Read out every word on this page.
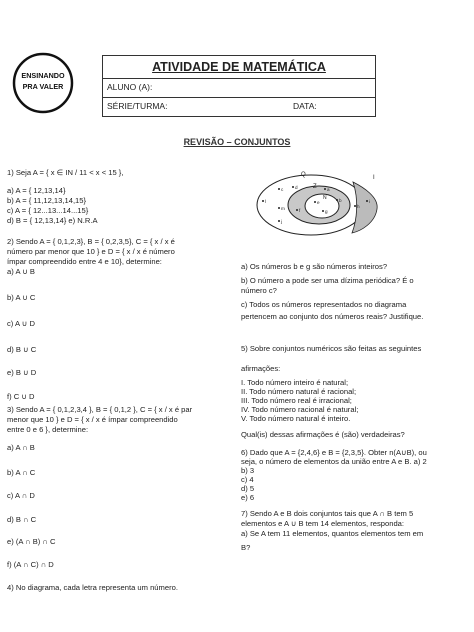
ENSINANDO
PRA VALER
ATIVIDADE DE MATEMÁTICA
ALUNO (A):
SÉRIE/TURMA:	DATA:
REVISÃO – CONJUNTOS
1) Seja A = { x ∈ IN / 11 < x < 15 },
a) A = { 12,13,14}
b) A = { 11,12,13,14,15}
c) A = { 12...13...14...15}
d) B = { 12,13,14} e) N.R.A
2) Sendo A = { 0,1,2,3}, B = { 0,2,3,5}, C = { x / x é
número par menor que 10 } e D = { x / x é número
ímpar compreendido entre 4 e 10}, determine:
a) A ∪ B
b) A ∪ C
c) A ∪ D
d) B ∪ C
e) B ∪ D
f) C ∪ D
3) Sendo A = { 0,1,2,3,4 }, B = { 0,1,2 }, C = { x / x é par
menor que 10 } e D = { x / x é ímpar compreendido
entre 0 e 6 }, determine:
a) A ∩ B
b) A ∩ C
c) A ∩ D
d) B ∩ C
e) (A ∩ B) ∩ C
f) (A ∩ C) ∩ D
4) No diagrama, cada letra representa um número.
Q	I
Z
N
c	d	a
l
m	f
e
g
b
h
j
i
a) Os números b e g são números inteiros?
b) O número a pode ser uma dízima periódica? É o
número c?
c) Todos os números representados no diagrama
pertencem ao conjunto dos números reais? Justifique.
5) Sobre conjuntos numéricos são feitas as seguintes
afirmações:
I. Todo número inteiro é natural;
II. Todo número natural é racional;
III. Todo número real é irracional;
IV. Todo número racional é natural;
V. Todo número natural é inteiro.
Qual(is) dessas afirmações é (são) verdadeiras?
6) Dado que A = {2,4,6} e B = {2,3,5}. Obter n(A∪B), ou
seja, o número de elementos da união entre A e B. a) 2
b) 3
c) 4
d) 5
e) 6
7) Sendo A e B dois conjuntos tais que A ∩ B tem 5
elementos e A ∪ B tem 14 elementos, responda:
a) Se A tem 11 elementos, quantos elementos tem em
B?
